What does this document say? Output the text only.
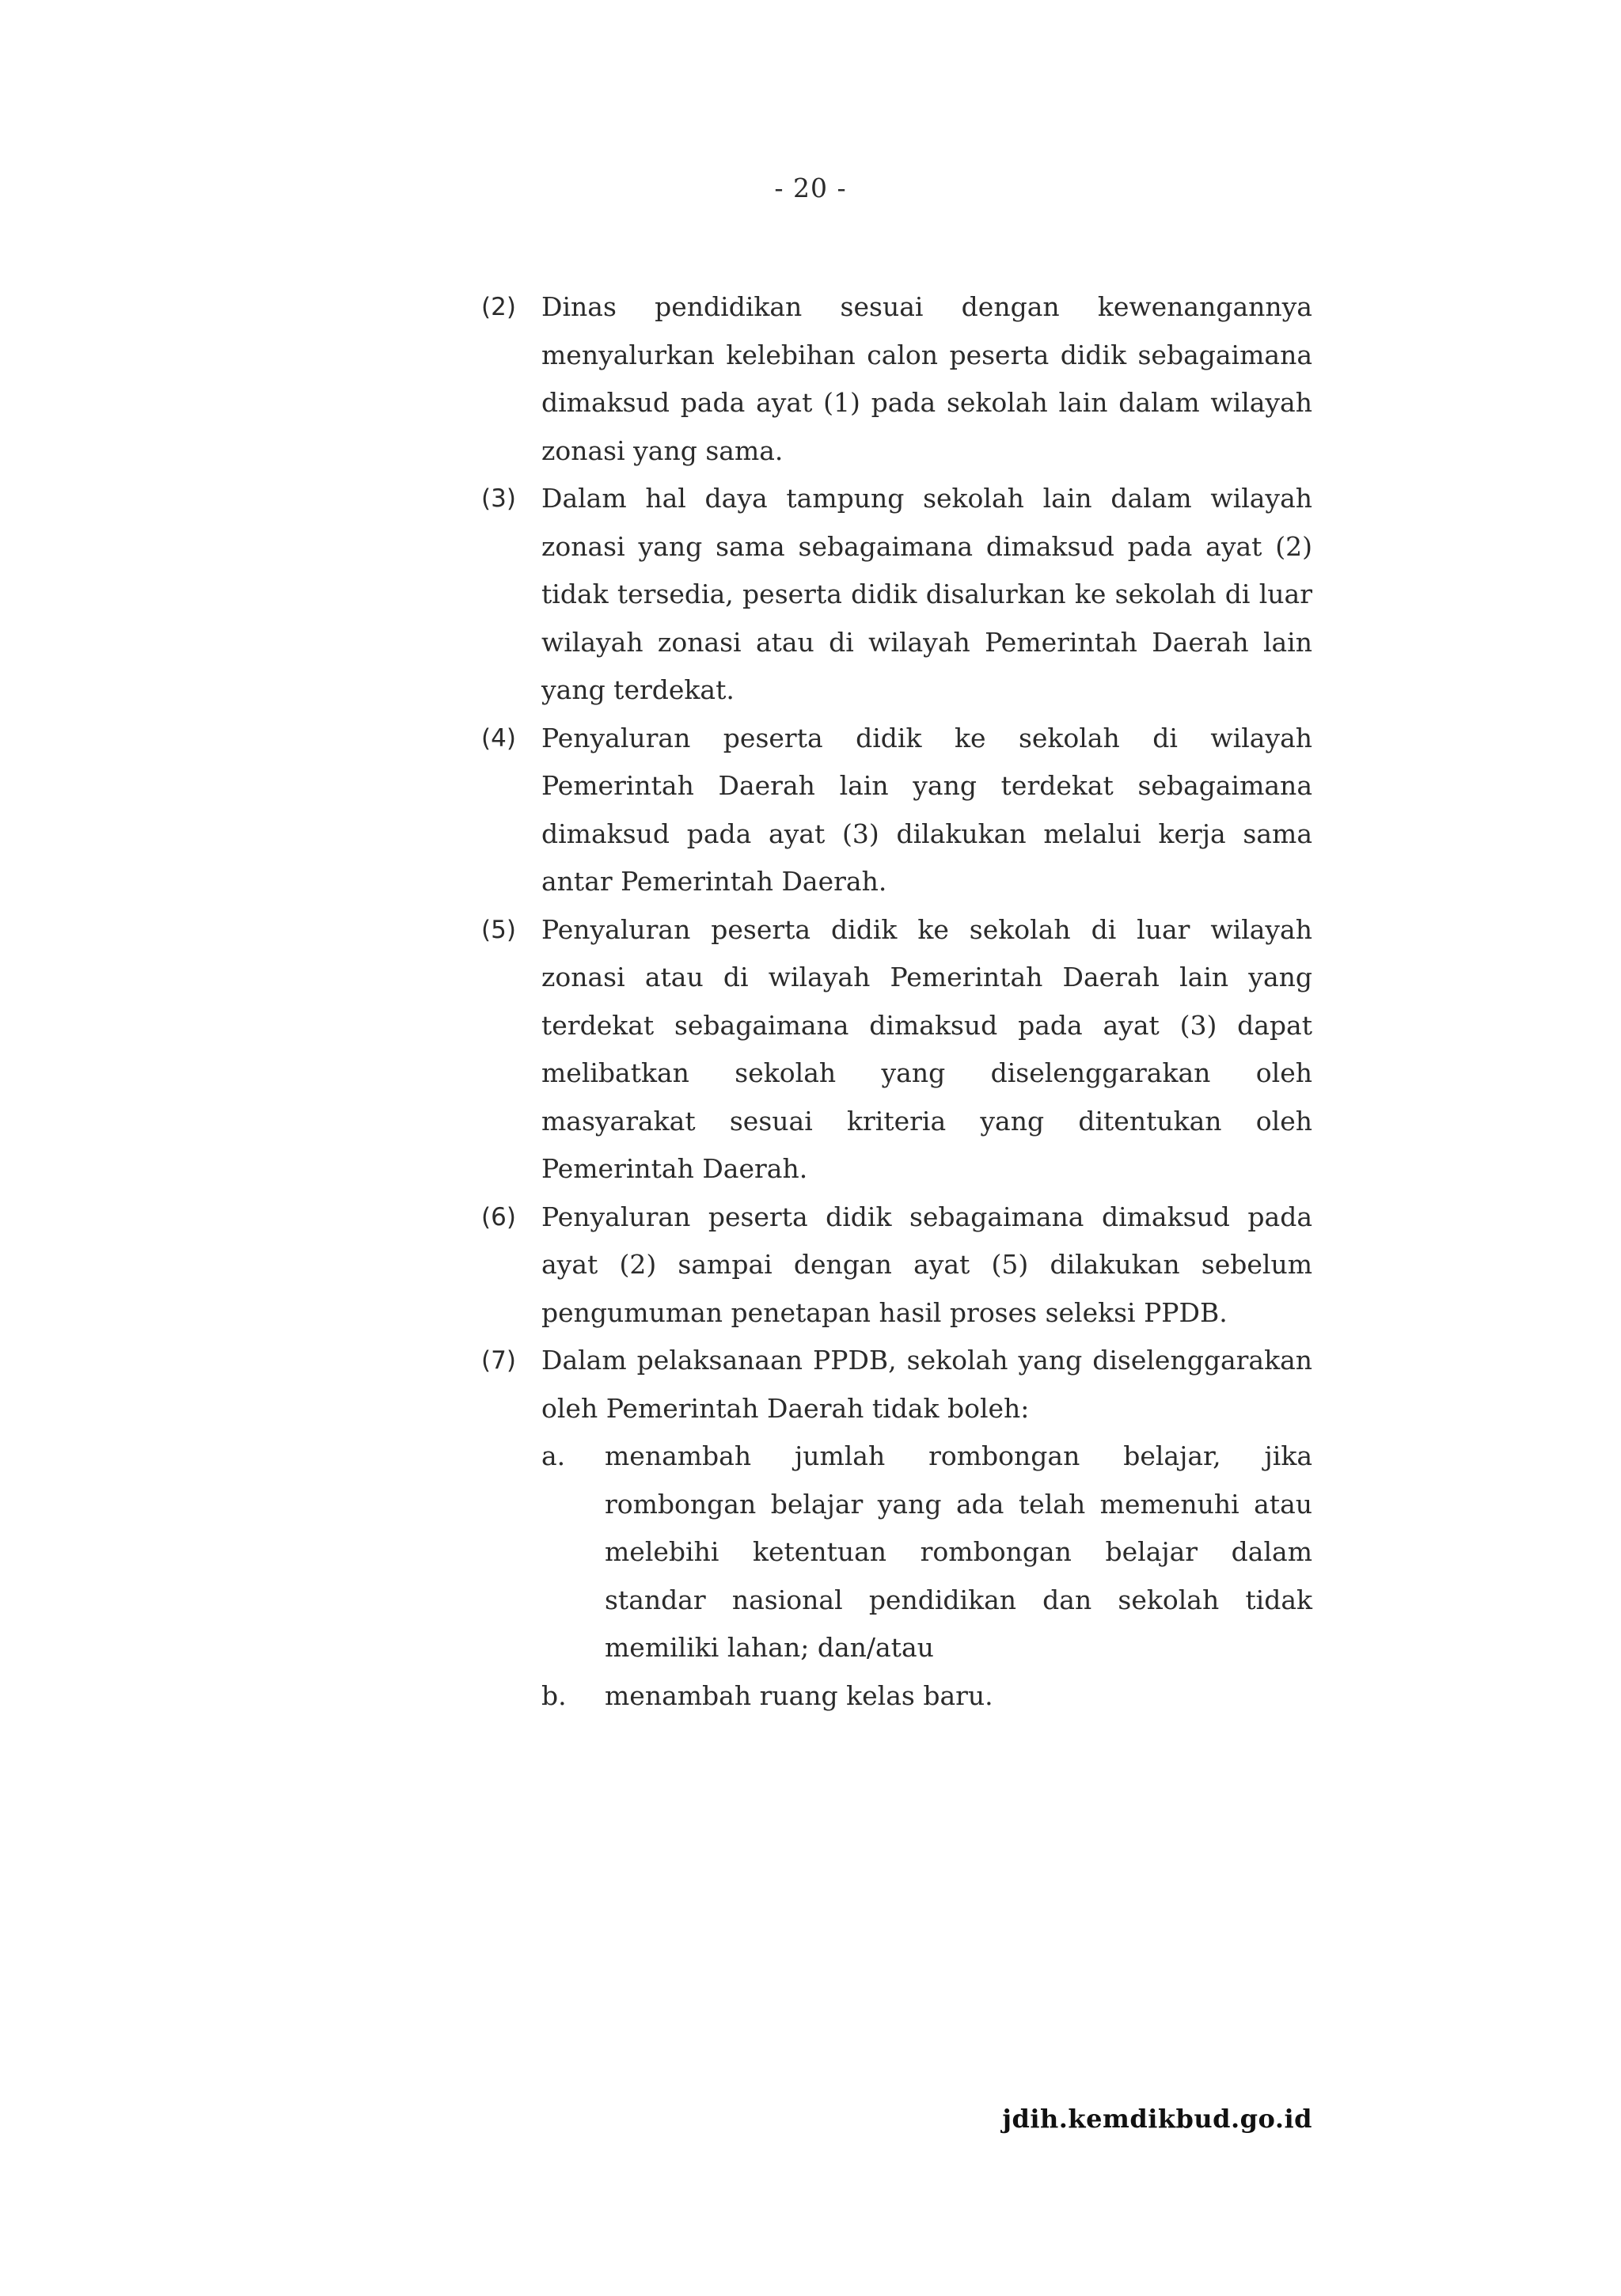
- 20 -
(2) Dinas pendidikan sesuai dengan kewenangannya menyalurkan kelebihan calon peserta didik sebagaimana dimaksud pada ayat (1) pada sekolah lain dalam wilayah zonasi yang sama.
(3) Dalam hal daya tampung sekolah lain dalam wilayah zonasi yang sama sebagaimana dimaksud pada ayat (2) tidak tersedia, peserta didik disalurkan ke sekolah di luar wilayah zonasi atau di wilayah Pemerintah Daerah lain yang terdekat.
(4) Penyaluran peserta didik ke sekolah di wilayah Pemerintah Daerah lain yang terdekat sebagaimana dimaksud pada ayat (3) dilakukan melalui kerja sama antar Pemerintah Daerah.
(5) Penyaluran peserta didik ke sekolah di luar wilayah zonasi atau di wilayah Pemerintah Daerah lain yang terdekat sebagaimana dimaksud pada ayat (3) dapat melibatkan sekolah yang diselenggarakan oleh masyarakat sesuai kriteria yang ditentukan oleh Pemerintah Daerah.
(6) Penyaluran peserta didik sebagaimana dimaksud pada ayat (2) sampai dengan ayat (5) dilakukan sebelum pengumuman penetapan hasil proses seleksi PPDB.
(7) Dalam pelaksanaan PPDB, sekolah yang diselenggarakan oleh Pemerintah Daerah tidak boleh:
a. menambah jumlah rombongan belajar, jika rombongan belajar yang ada telah memenuhi atau melebihi ketentuan rombongan belajar dalam standar nasional pendidikan dan sekolah tidak memiliki lahan; dan/atau
b. menambah ruang kelas baru.
jdih.kemdikbud.go.id
